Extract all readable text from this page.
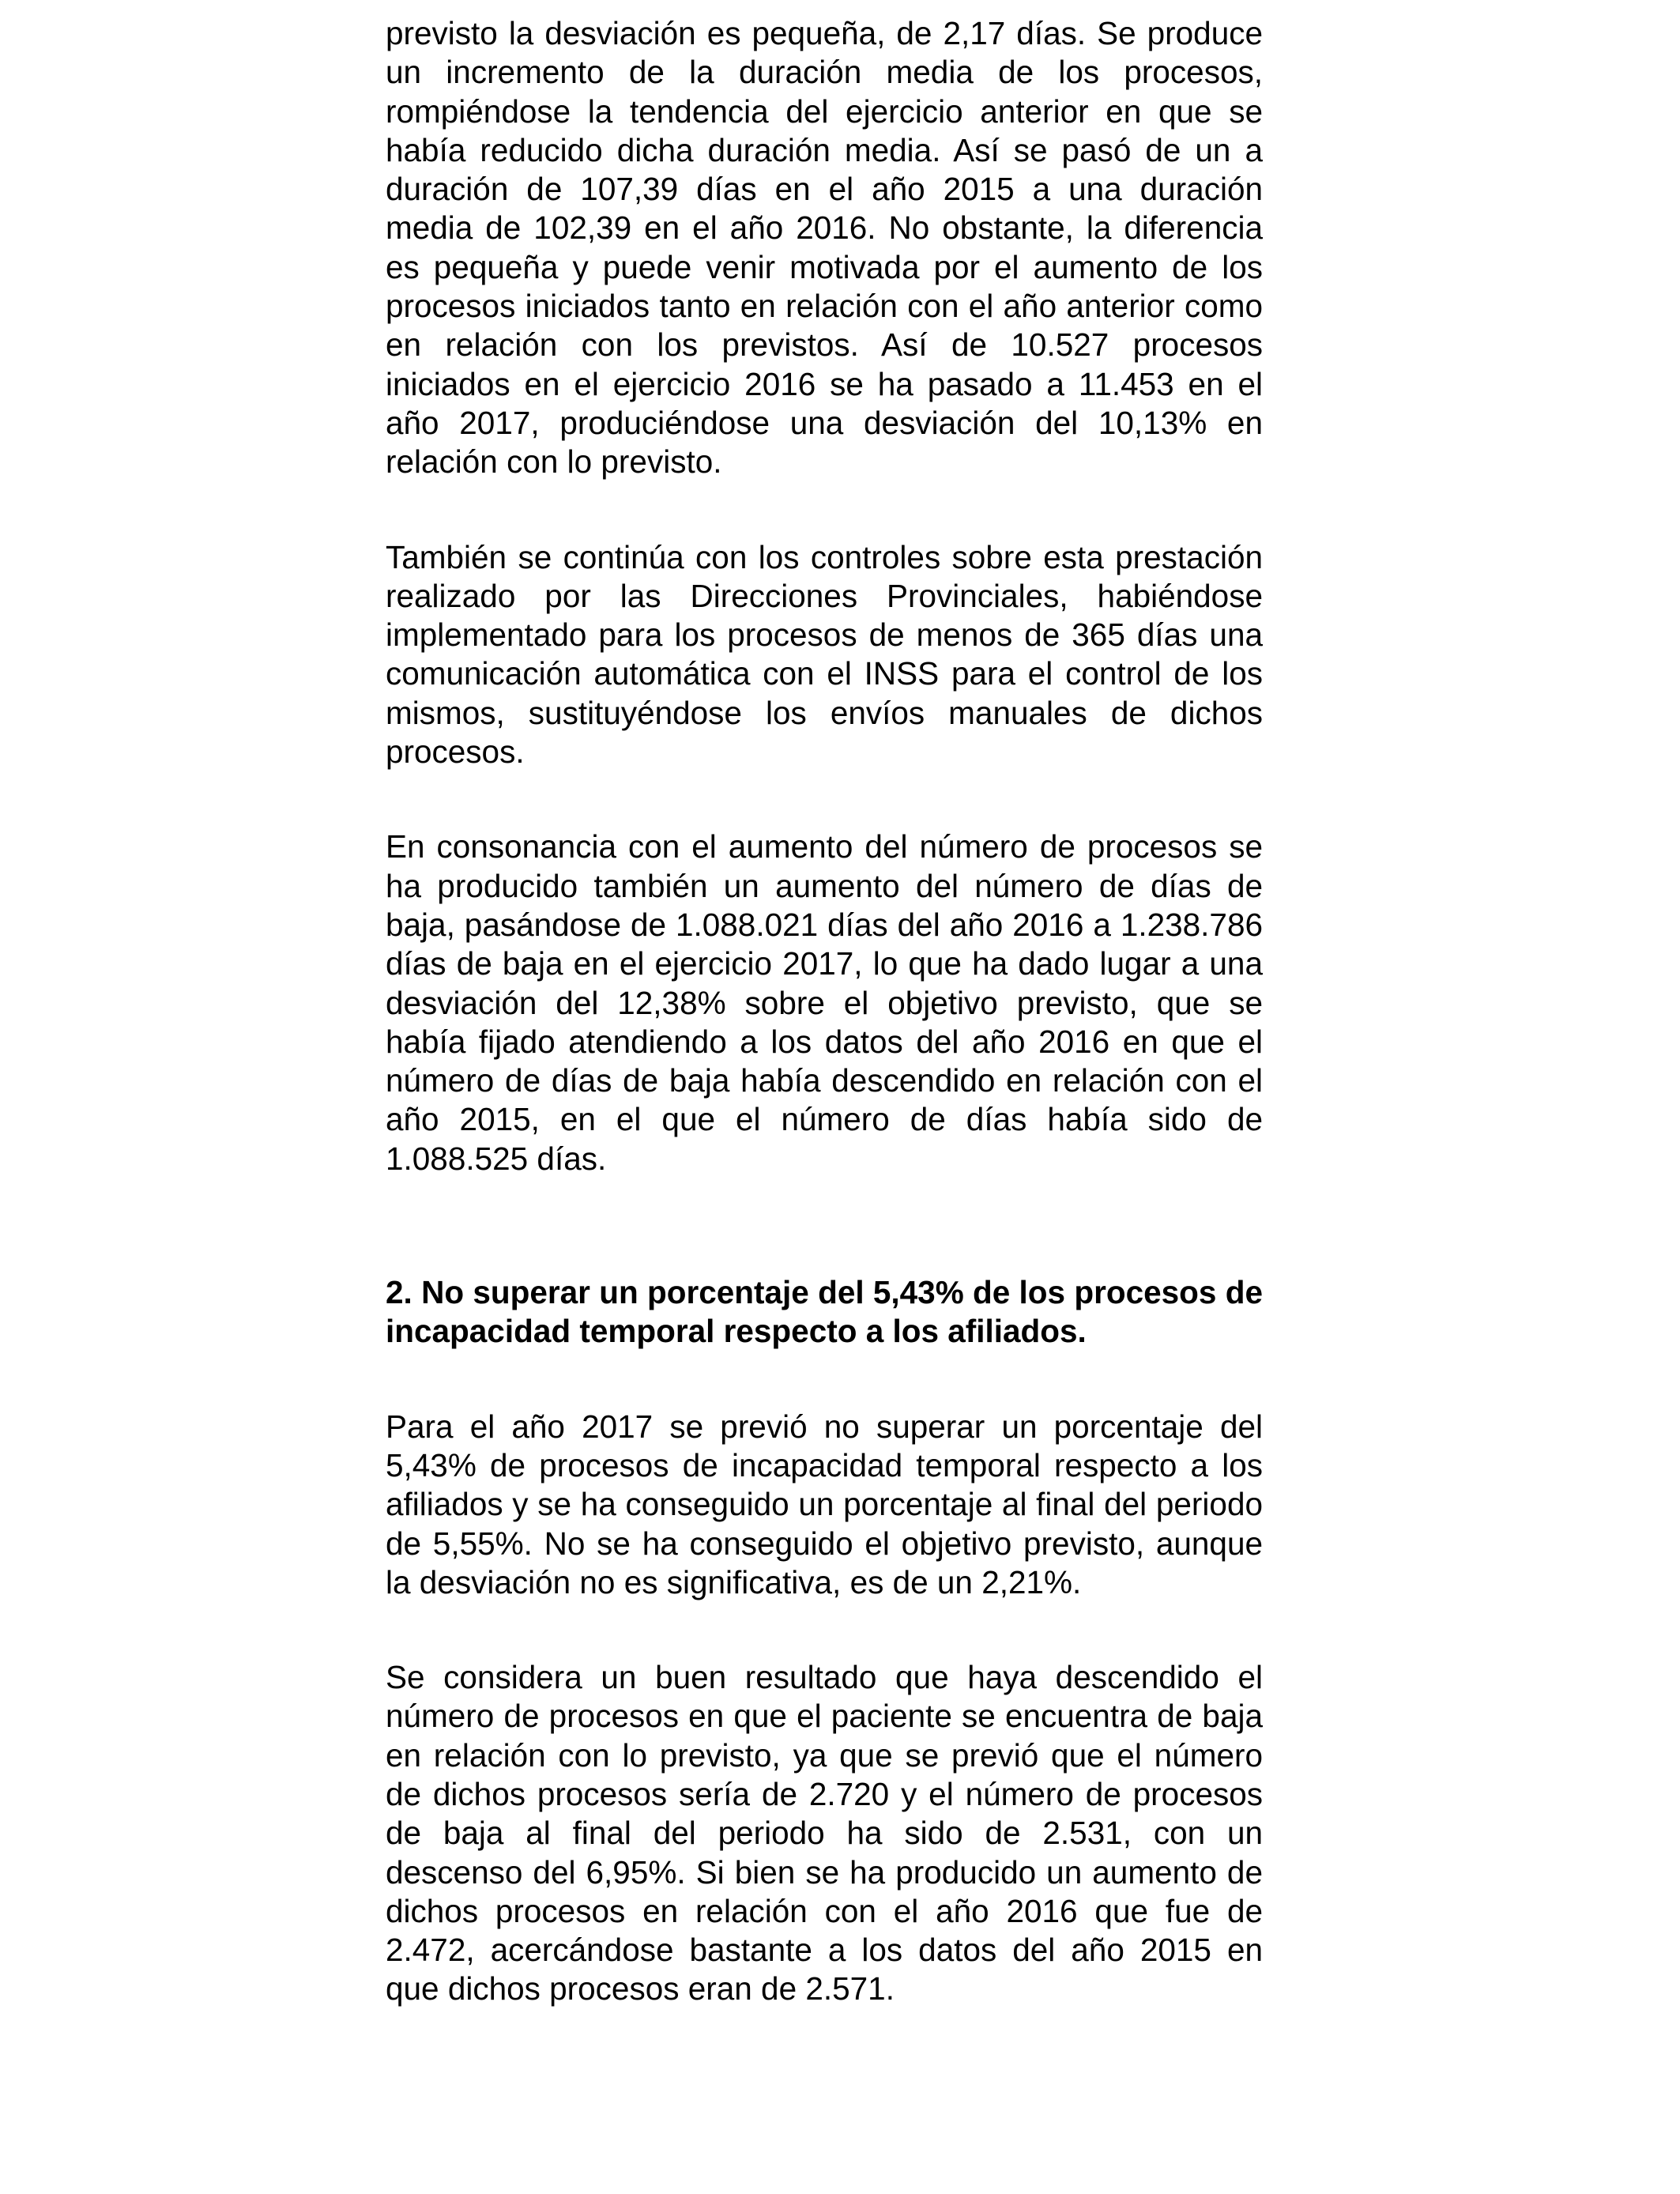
previsto la desviación es pequeña, de 2,17 días. Se produce un incremento de la duración media de los procesos, rompiéndose la tendencia del ejercicio anterior en que se había reducido dicha duración media. Así se pasó de un a duración de 107,39 días en el año 2015 a una duración media de 102,39 en el año 2016. No obstante, la diferencia es pequeña y puede venir motivada por el aumento de los procesos iniciados tanto en relación con el año anterior como en relación con los previstos. Así de 10.527 procesos iniciados en el ejercicio 2016 se ha pasado a 11.453 en el año 2017, produciéndose una desviación del 10,13% en relación con lo previsto.

También se continúa con los controles sobre esta prestación realizado por las Direcciones Provinciales, habiéndose implementado para los procesos de menos de 365 días una comunicación automática con el INSS para el control de los mismos, sustituyéndose los envíos manuales de dichos procesos.

En consonancia con el aumento del número de procesos se ha producido también un aumento del número de días de baja, pasándose de 1.088.021 días del año 2016 a 1.238.786 días de baja en el ejercicio 2017, lo que ha dado lugar a una desviación del 12,38% sobre el objetivo previsto, que se había fijado atendiendo a los datos del año 2016 en que el número de días de baja había descendido en relación con el año 2015, en el que el número de días había sido de 1.088.525 días.

2. No superar un porcentaje del 5,43% de los procesos de incapacidad temporal respecto a los afiliados.

Para el año 2017 se previó no superar un porcentaje del 5,43% de procesos de incapacidad temporal respecto a los afiliados y se ha conseguido un porcentaje al final del periodo de 5,55%. No se ha conseguido el objetivo previsto, aunque la desviación no es significativa, es de un 2,21%.

Se considera un buen resultado que haya descendido el número de procesos en que el paciente se encuentra de baja en relación con lo previsto, ya que se previó que el número de dichos procesos sería de 2.720 y el número de procesos de baja al final del periodo ha sido de 2.531, con un descenso del 6,95%. Si bien se ha producido un aumento de dichos procesos en relación con el año 2016 que fue de 2.472, acercándose bastante a los datos del año 2015 en que dichos procesos eran de 2.571.
